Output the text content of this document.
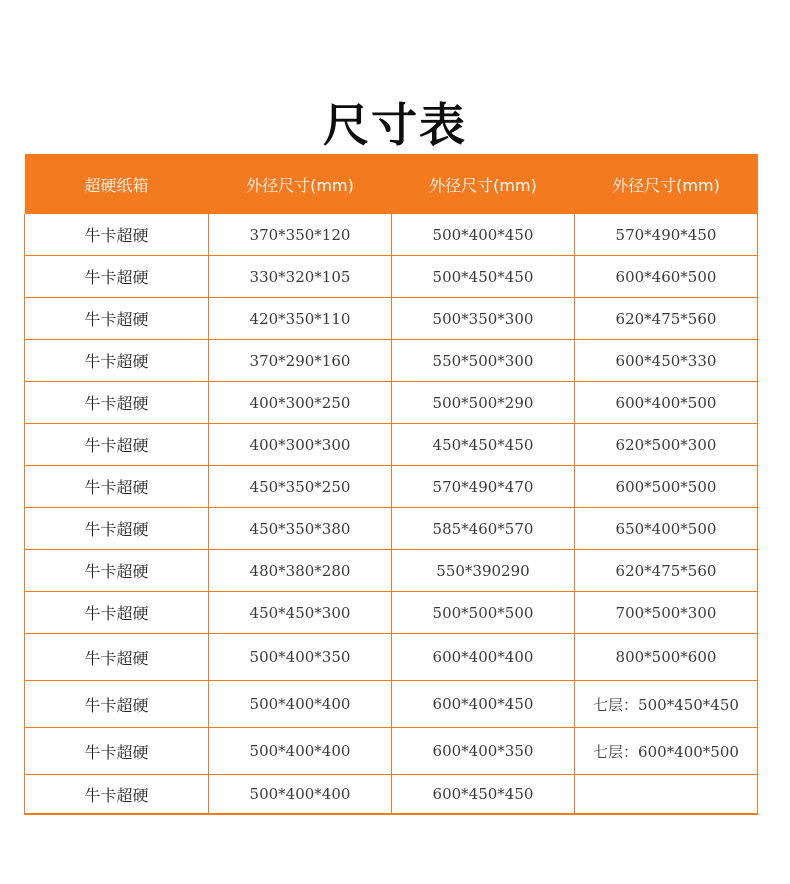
尺寸表
超硬纸箱	外径尺寸(mm)	外径尺寸(mm)	外径尺寸(mm)
牛卡超硬	370*350*120	500*400*450	570*490*450
牛卡超硬	330*320*105	500*450*450	600*460*500
牛卡超硬	420*350*110	500*350*300	620*475*560
牛卡超硬	370*290*160	550*500*300	600*450*330
牛卡超硬	400*300*250	500*500*290	600*400*500
牛卡超硬	400*300*300	450*450*450	620*500*300
牛卡超硬	450*350*250	570*490*470	600*500*500
牛卡超硬	450*350*380	585*460*570	650*400*500
牛卡超硬	480*380*280	550*390290	620*475*560
牛卡超硬	450*450*300	500*500*500	700*500*300
牛卡超硬	500*400*350	600*400*400	800*500*600
牛卡超硬	500*400*400	600*400*450	七层：500*450*450
牛卡超硬	500*400*400	600*400*350	七层：600*400*500
牛卡超硬	500*400*400	600*450*450	
